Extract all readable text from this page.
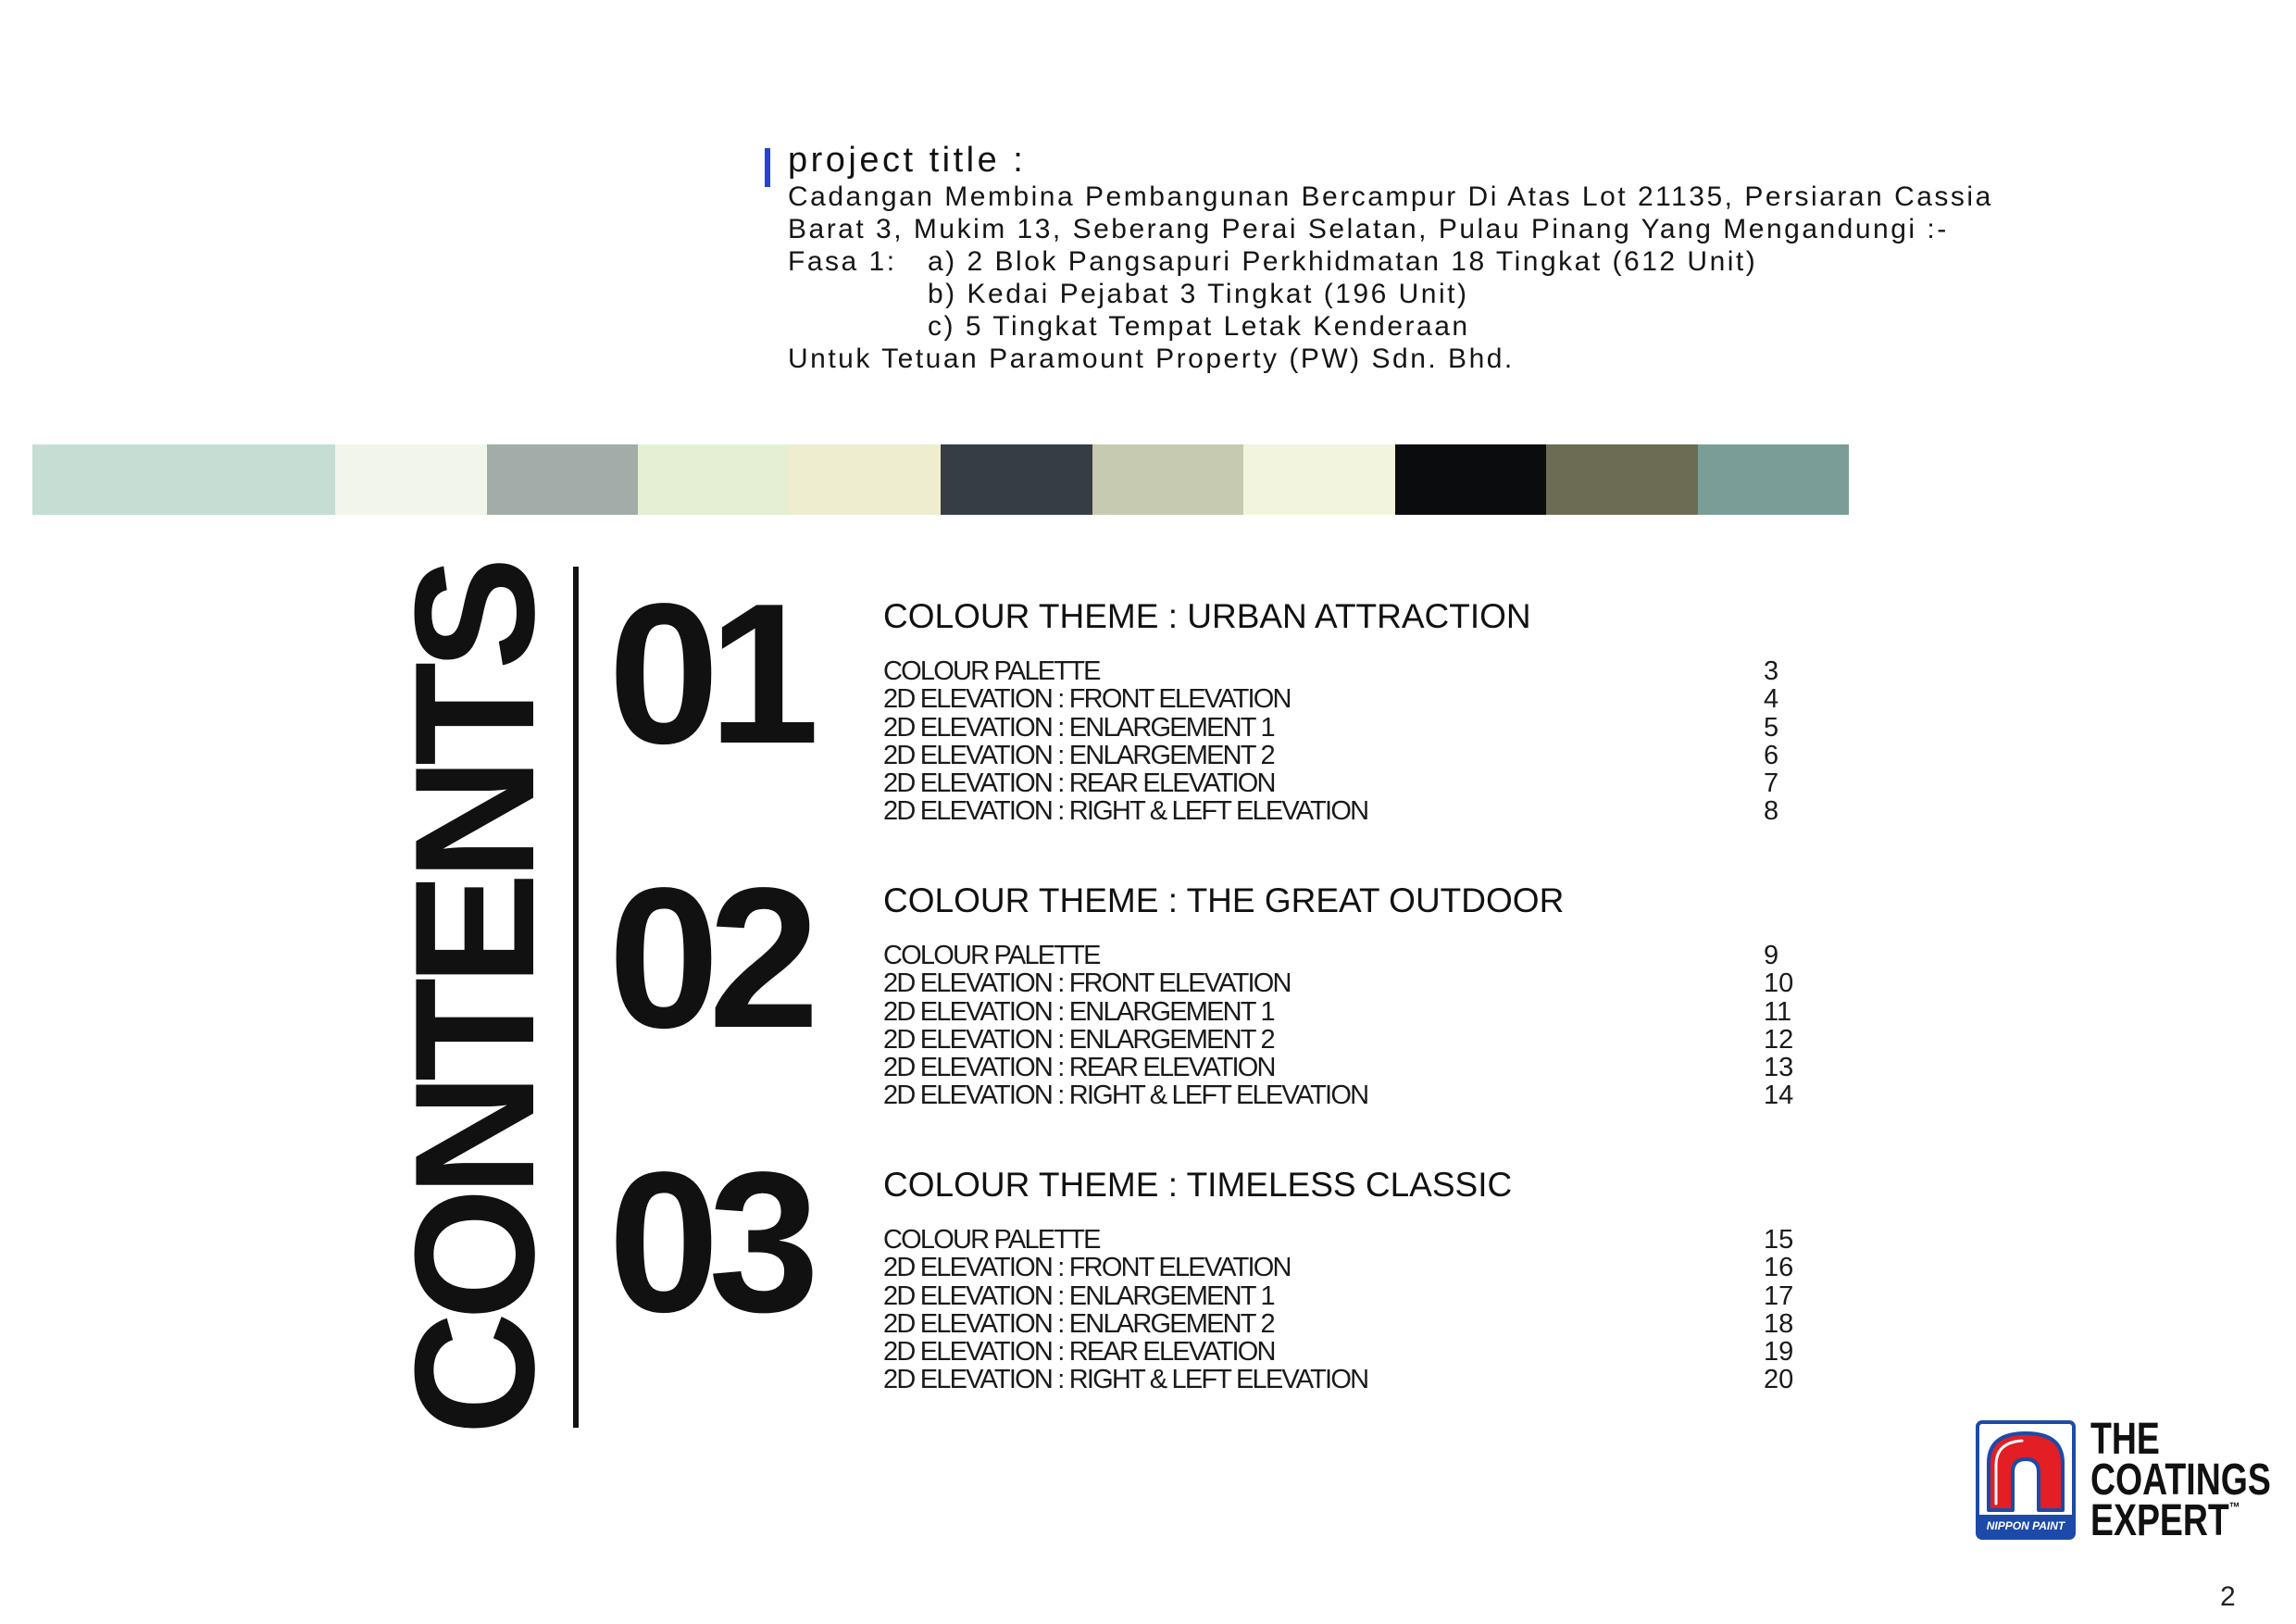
project title :
Cadangan Membina Pembangunan Bercampur Di Atas Lot 21135, Persiaran Cassia
Barat 3, Mukim 13, Seberang Perai Selatan, Pulau Pinang Yang Mengandungi :-
Fasa 1: a) 2 Blok Pangsapuri Perkhidmatan 18 Tingkat (612 Unit)
b) Kedai Pejabat 3 Tingkat (196 Unit)
c) 5 Tingkat Tempat Letak Kenderaan
Untuk Tetuan Paramount Property (PW) Sdn. Bhd.
CONTENTS 01 COLOUR THEME : URBAN ATTRACTION
COLOUR PALETTE	3
2D ELEVATION : FRONT ELEVATION	4
2D ELEVATION : ENLARGEMENT 1	5
2D ELEVATION : ENLARGEMENT 2	6
2D ELEVATION : REAR ELEVATION	7
2D ELEVATION : RIGHT & LEFT ELEVATION	8
02 COLOUR THEME : THE GREAT OUTDOOR
COLOUR PALETTE	9
2D ELEVATION : FRONT ELEVATION	10
2D ELEVATION : ENLARGEMENT 1	11
2D ELEVATION : ENLARGEMENT 2	12
2D ELEVATION : REAR ELEVATION	13
2D ELEVATION : RIGHT & LEFT ELEVATION	14
03 COLOUR THEME : TIMELESS CLASSIC
COLOUR PALETTE	15
2D ELEVATION : FRONT ELEVATION	16
2D ELEVATION : ENLARGEMENT 1	17
2D ELEVATION : ENLARGEMENT 2	18
2D ELEVATION : REAR ELEVATION	19
2D ELEVATION : RIGHT & LEFT ELEVATION	20
NIPPON PAINT
THE
COATINGS
EXPERT™
2
